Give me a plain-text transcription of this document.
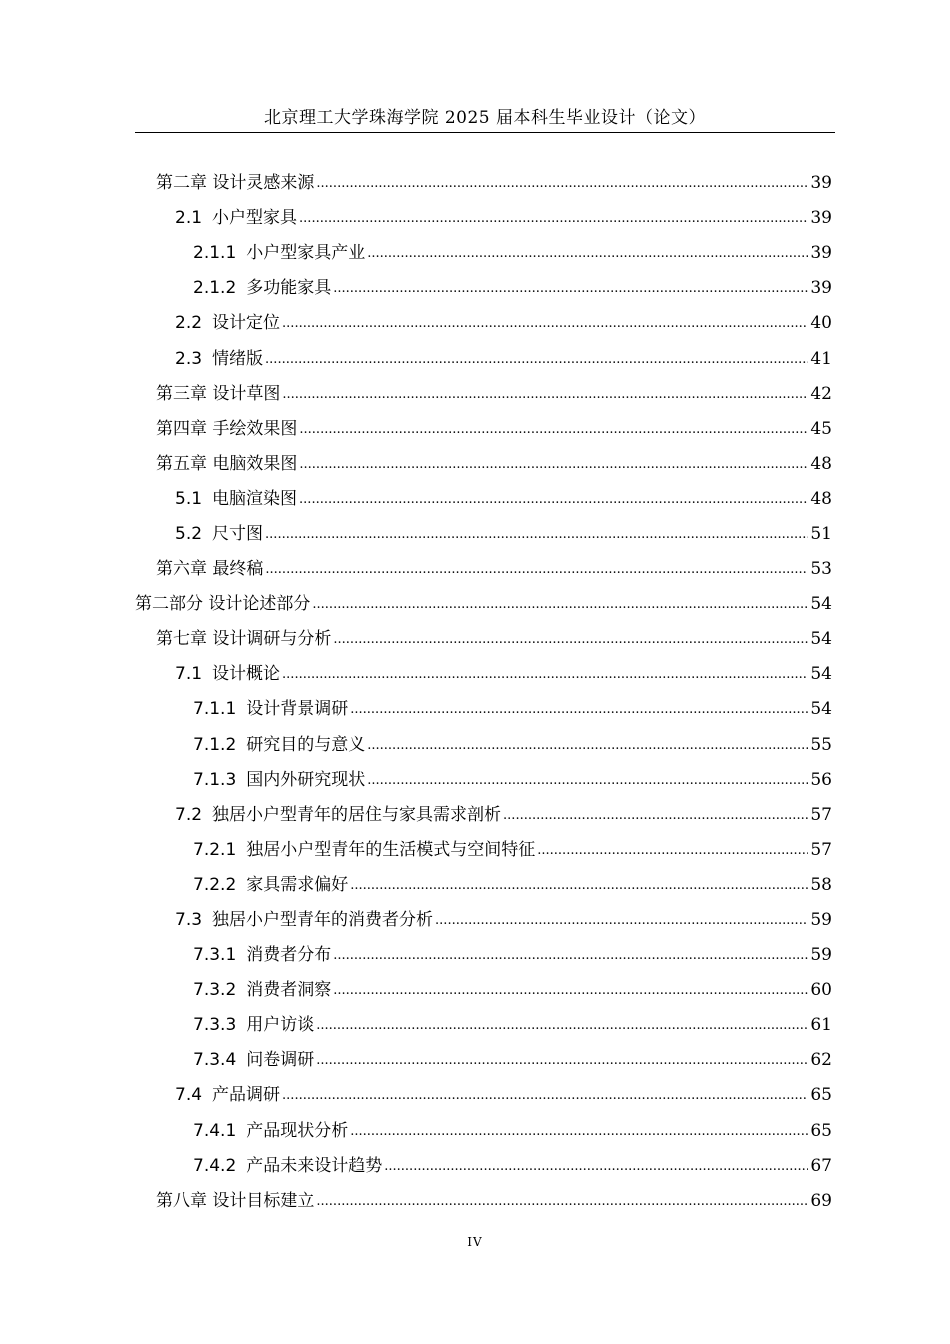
北京理工大学珠海学院 2025 届本科生毕业设计（论文）
第二章 设计灵感来源 .....	39
2.1 小户型家具 .....	39
2.1.1 小户型家具产业 .....	39
2.1.2 多功能家具 .....	39
2.2 设计定位 .....	40
2.3 情绪版 .....	41
第三章 设计草图 .....	42
第四章 手绘效果图 .....	45
第五章 电脑效果图 .....	48
5.1 电脑渲染图 .....	48
5.2 尺寸图 .....	51
第六章 最终稿 .....	53
第二部分 设计论述部分 .....	54
第七章 设计调研与分析 .....	54
7.1 设计概论 .....	54
7.1.1 设计背景调研 .....	54
7.1.2 研究目的与意义 .....	55
7.1.3 国内外研究现状 .....	56
7.2 独居小户型青年的居住与家具需求剖析 .....	57
7.2.1 独居小户型青年的生活模式与空间特征 .....	57
7.2.2 家具需求偏好 .....	58
7.3 独居小户型青年的消费者分析 .....	59
7.3.1 消费者分布 .....	59
7.3.2 消费者洞察 .....	60
7.3.3 用户访谈 .....	61
7.3.4 问卷调研 .....	62
7.4 产品调研 .....	65
7.4.1 产品现状分析 .....	65
7.4.2 产品未来设计趋势 .....	67
第八章 设计目标建立 .....	69
IV
